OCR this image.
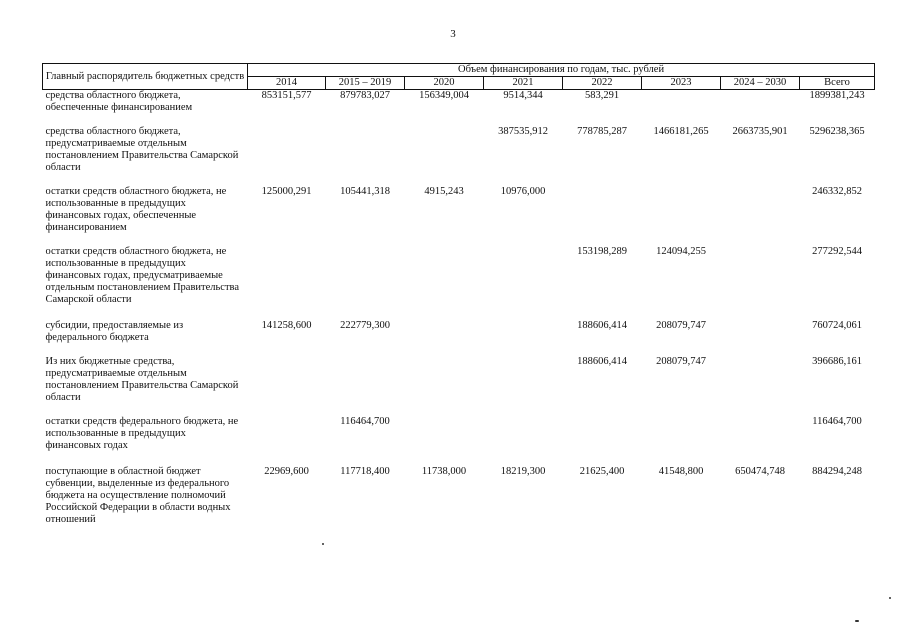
3
Главный распорядитель бюджетных средств	Объем финансирования по годам, тыс. рублей							
	2014	2015 – 2019	2020	2021	2022	2023	2024 – 2030	Всего
средства областного бюджета, обеспеченные финансированием	853151,577	879783,027	156349,004	9514,344	583,291			1899381,243
средства областного бюджета, предусматриваемые отдельным постановлением Правительства Самарской области				387535,912	778785,287	1466181,265	2663735,901	5296238,365
остатки средств областного бюджета, не использованные в предыдущих финансовых годах, обеспеченные финансированием	125000,291	105441,318	4915,243	10976,000				246332,852
остатки средств областного бюджета, не использованные в предыдущих финансовых годах, предусматриваемые отдельным постановлением Правительства Самарской области					153198,289	124094,255		277292,544
субсидии, предоставляемые из федерального бюджета	141258,600	222779,300			188606,414	208079,747		760724,061
Из них бюджетные средства, предусматриваемые отдельным постановлением Правительства Самарской области					188606,414	208079,747		396686,161
остатки средств федерального бюджета, не использованные в предыдущих финансовых годах		116464,700						116464,700
поступающие в областной бюджет субвенции, выделенные из федерального бюджета на осуществление полномочий Российской Федерации в области водных отношений	22969,600	117718,400	11738,000	18219,300	21625,400	41548,800	650474,748	884294,248
